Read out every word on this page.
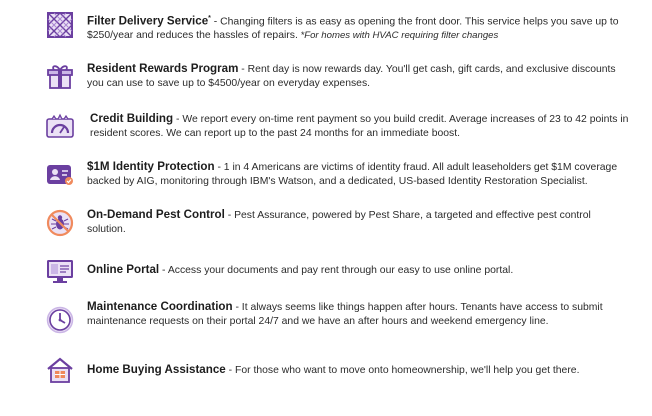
Filter Delivery Service* - Changing filters is as easy as opening the front door. This service helps you save up to $250/year and reduces the hassles of repairs. *For homes with HVAC requiring filter changes
Resident Rewards Program - Rent day is now rewards day. You'll get cash, gift cards, and exclusive discounts you can use to save up to $4500/year on everyday expenses.
Credit Building - We report every on-time rent payment so you build credit. Average increases of 23 to 42 points in resident scores. We can report up to the past 24 months for an immediate boost.
$1M Identity Protection - 1 in 4 Americans are victims of identity fraud. All adult leaseholders get $1M coverage backed by AIG, monitoring through IBM's Watson, and a dedicated, US-based Identity Restoration Specialist.
On-Demand Pest Control - Pest Assurance, powered by Pest Share, a targeted and effective pest control solution.
Online Portal - Access your documents and pay rent through our easy to use online portal.
Maintenance Coordination - It always seems like things happen after hours. Tenants have access to submit maintenance requests on their portal 24/7 and we have an after hours and weekend emergency line.
Home Buying Assistance - For those who want to move onto homeownership, we'll help you get there.
